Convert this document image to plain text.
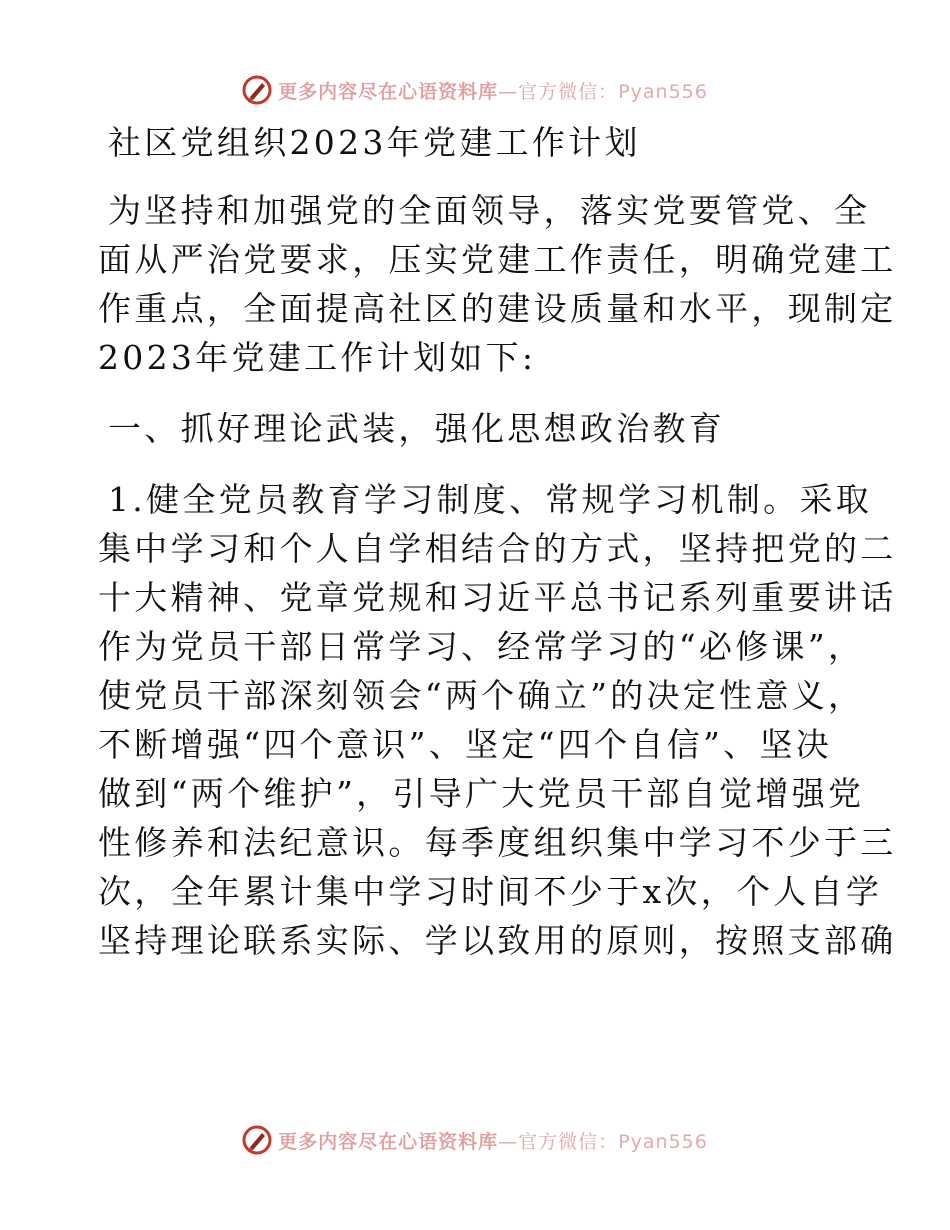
更多内容尽在心语资料库—官方微信：Pyan556
社区党组织2023年党建工作计划
为坚持和加强党的全面领导，落实党要管党、全
面从严治党要求，压实党建工作责任，明确党建工
作重点，全面提高社区的建设质量和水平，现制定
2023年党建工作计划如下:
一、抓好理论武装，强化思想政治教育
1.健全党员教育学习制度、常规学习机制。采取
集中学习和个人自学相结合的方式，坚持把党的二
十大精神、党章党规和习近平总书记系列重要讲话
作为党员干部日常学习、经常学习的“必修课”，
使党员干部深刻领会“两个确立”的决定性意义，
不断增强“四个意识”、坚定“四个自信”、坚决
做到“两个维护”，引导广大党员干部自觉增强党
性修养和法纪意识。每季度组织集中学习不少于三
次，全年累计集中学习时间不少于x次，个人自学
坚持理论联系实际、学以致用的原则，按照支部确
更多内容尽在心语资料库—官方微信：Pyan556
